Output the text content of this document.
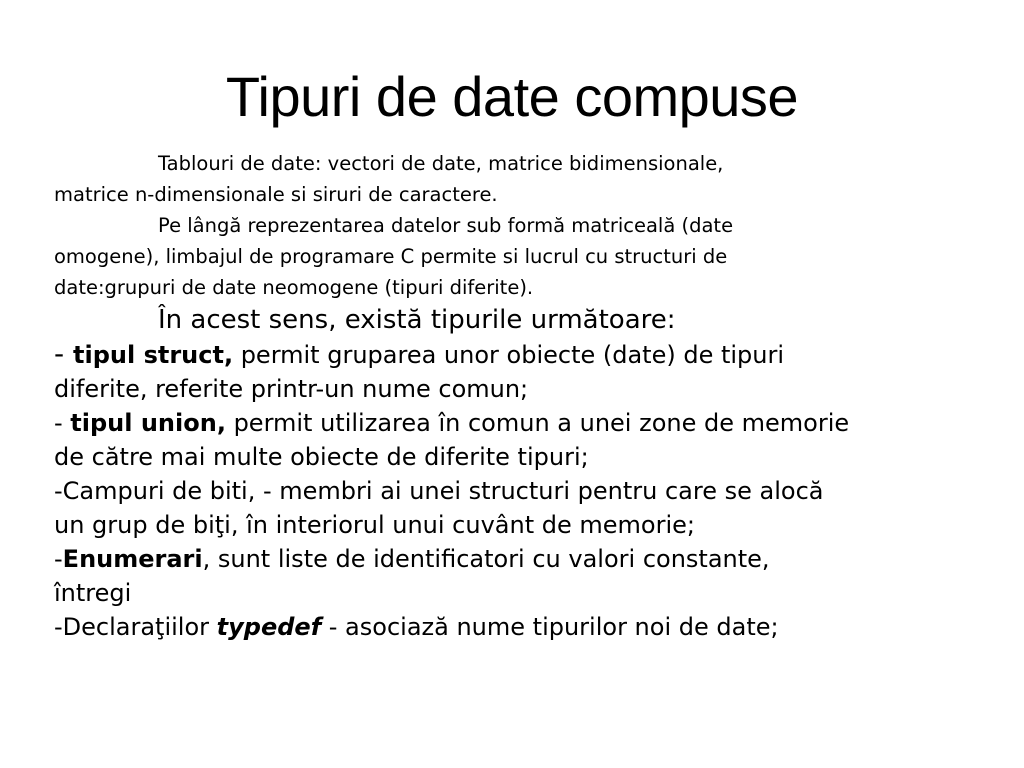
Tipuri de date compuse
Tablouri de date: vectori de date, matrice bidimensionale,
matrice n-dimensionale si siruri de caractere.
Pe lângă reprezentarea datelor sub formă matriceală (date
omogene), limbajul de programare C permite si lucrul cu structuri de
date:grupuri de date neomogene (tipuri diferite).
În acest sens, există tipurile următoare:
- tipul struct, permit gruparea unor obiecte (date) de tipuri
diferite, referite printr-un nume comun;
- tipul union, permit utilizarea în comun a unei zone de memorie
de către mai multe obiecte de diferite tipuri;
-Campuri de biti, - membri ai unei structuri pentru care se alocă
un grup de biţi, în interiorul unui cuvânt de memorie;
-Enumerari, sunt liste de identificatori cu valori constante,
întregi
-Declaraţiilor typedef - asociază nume tipurilor noi de date;
